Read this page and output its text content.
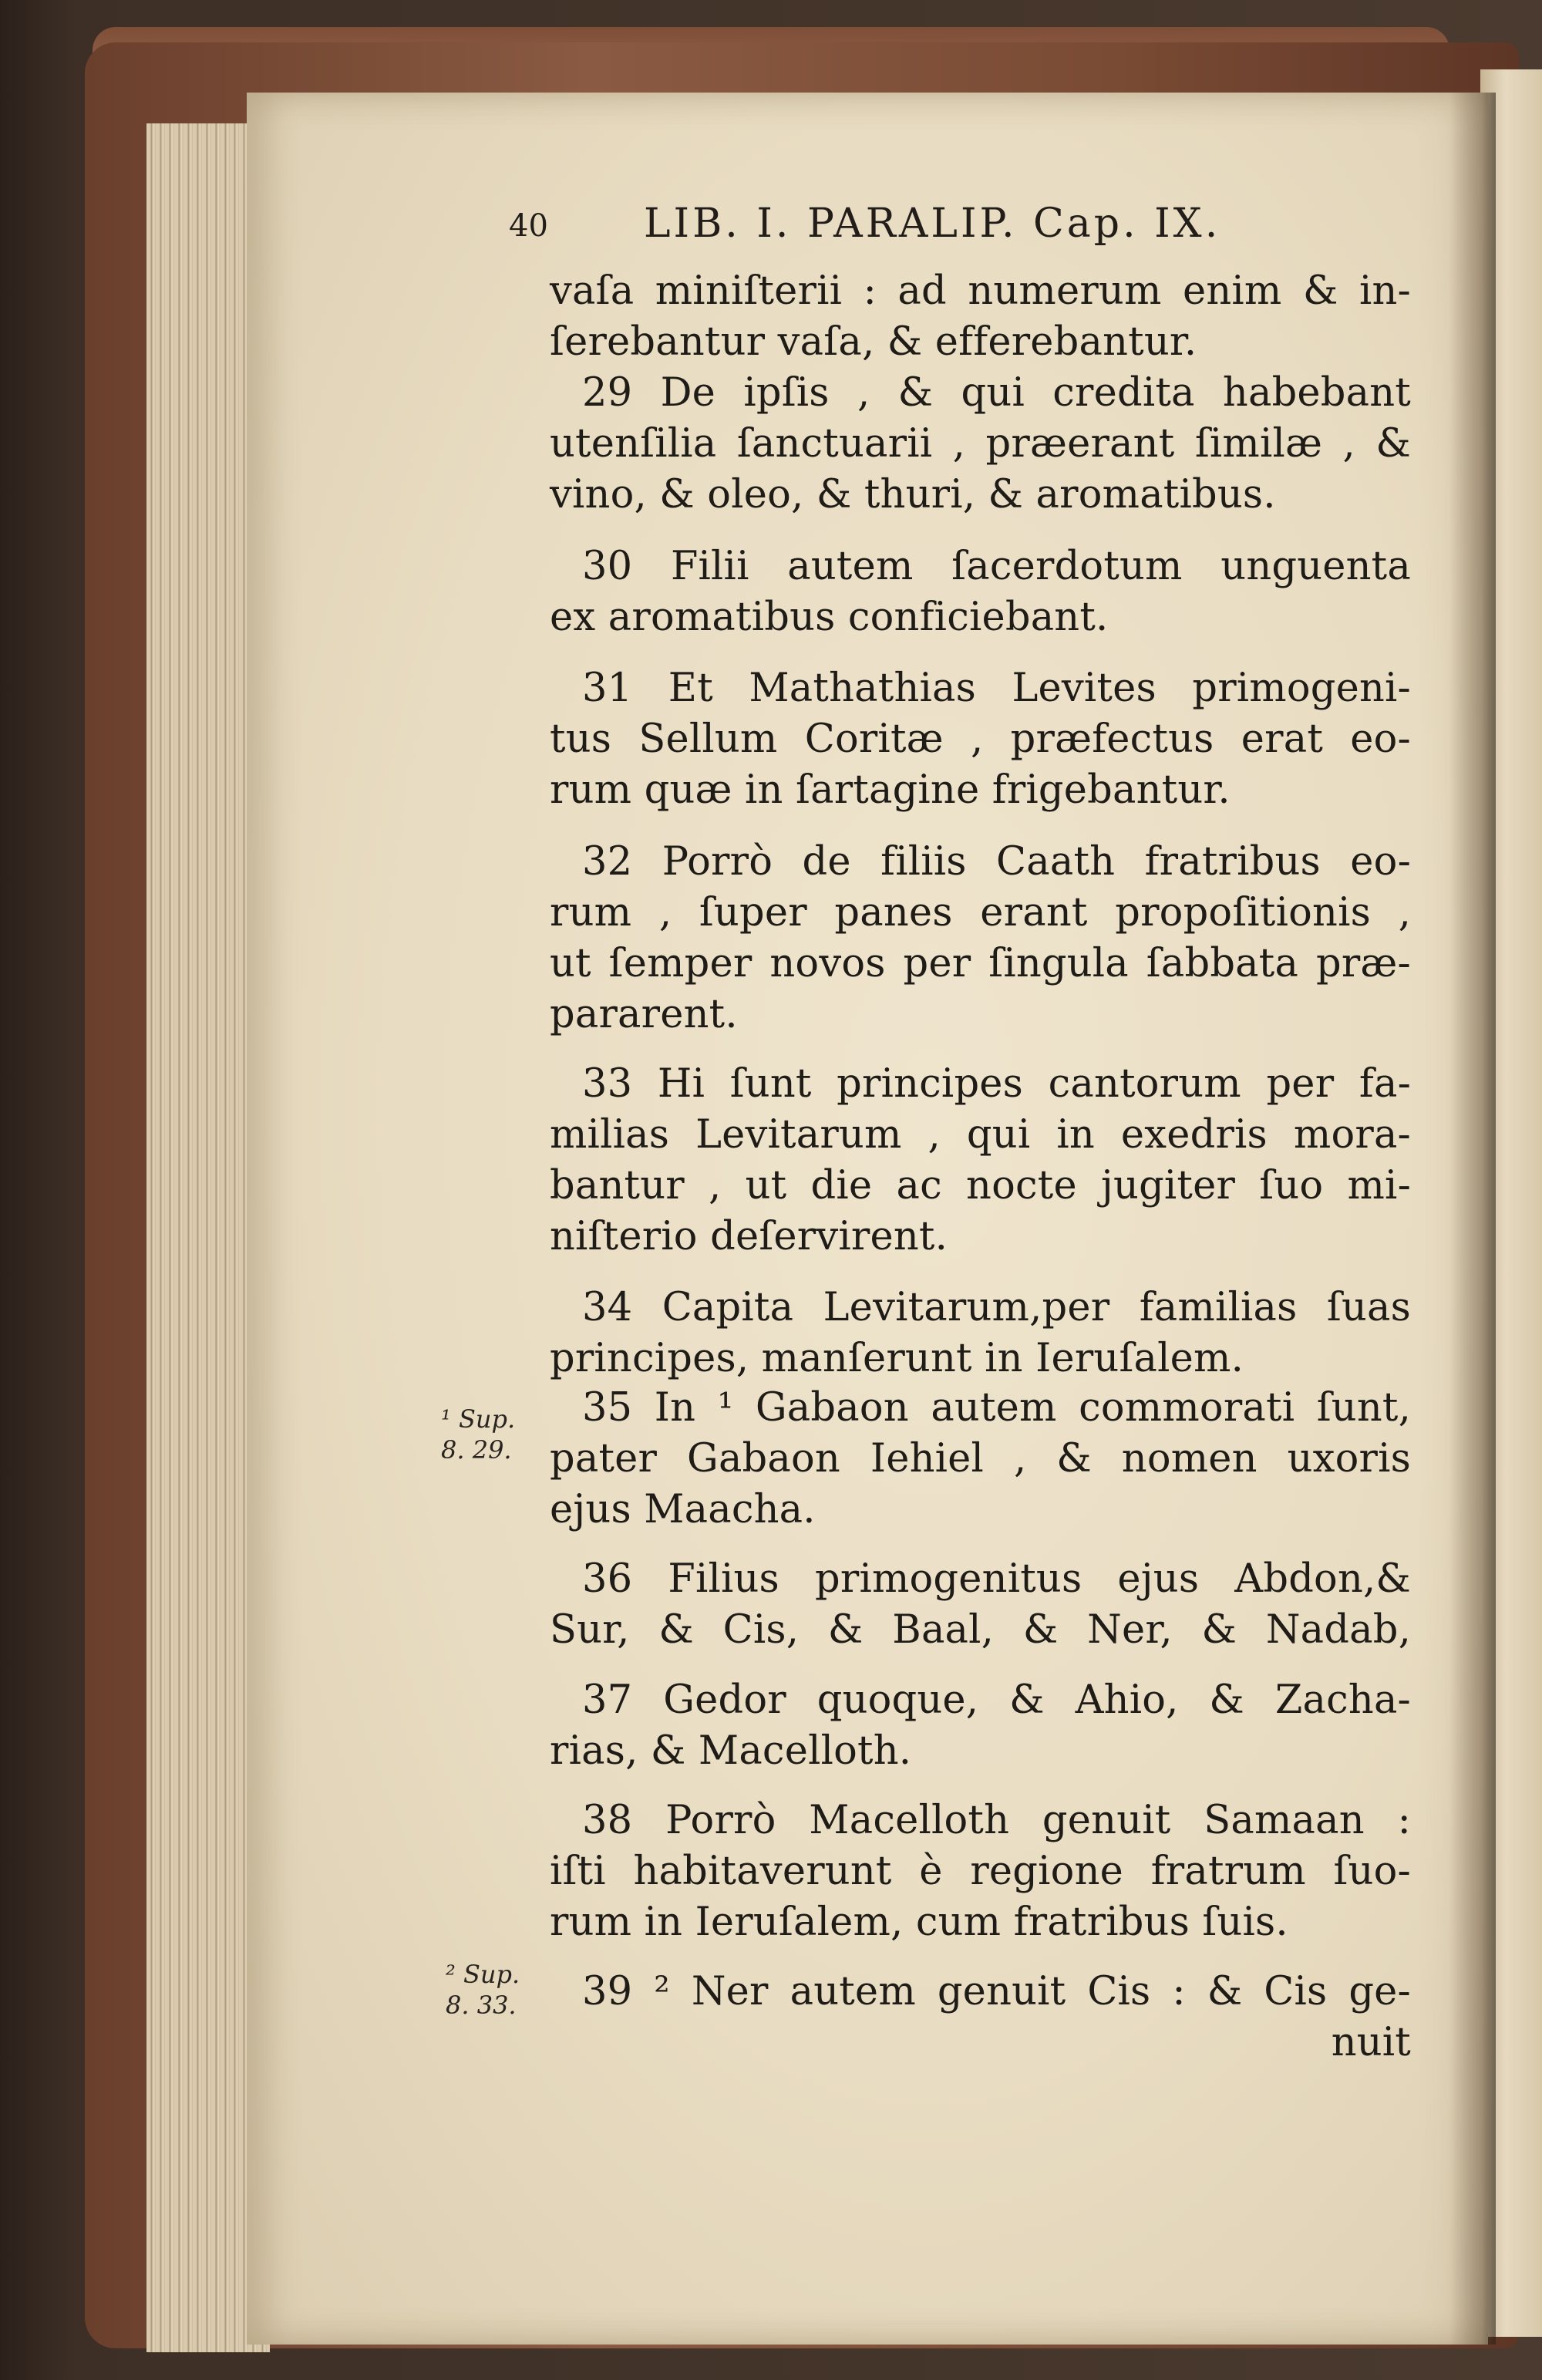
40 LIB. I. PARALIP. Cap. IX.
vaſa miniſterii : ad numerum enim & in-
ſerebantur vaſa, & efferebantur.
29 De ipſis , & qui credita habebant
utenſilia ſanctuarii , præerant ſimilæ , &
vino, & oleo, & thuri, & aromatibus.
30 Filii autem ſacerdotum unguenta
ex aromatibus conficiebant.
31 Et Mathathias Levites primogeni-
tus Sellum Coritæ , præfectus erat eo-
rum quæ in ſartagine frigebantur.
32 Porrò de filiis Caath fratribus eo-
rum , ſuper panes erant propoſitionis ,
ut ſemper novos per ſingula ſabbata præ-
pararent.
33 Hi ſunt principes cantorum per fa-
milias Levitarum , qui in exedris mora-
bantur , ut die ac nocte jugiter ſuo mi-
niſterio deſervirent.
34 Capita Levitarum,per familias ſuas
principes, manſerunt in Ieruſalem.
35 In ¹ Gabaon autem commorati ſunt,
pater Gabaon Iehiel , & nomen uxoris
ejus Maacha.
36 Filius primogenitus ejus Abdon,&
Sur, & Cis, & Baal, & Ner, & Nadab,
37 Gedor quoque, & Ahio, & Zacha-
rias, & Macelloth.
38 Porrò Macelloth genuit Samaan :
iſti habitaverunt è regione fratrum ſuo-
rum in Ieruſalem, cum fratribus ſuis.
39 ² Ner autem genuit Cis : & Cis ge-
nuit
¹ Sup.
8. 29.
² Sup.
8. 33.
